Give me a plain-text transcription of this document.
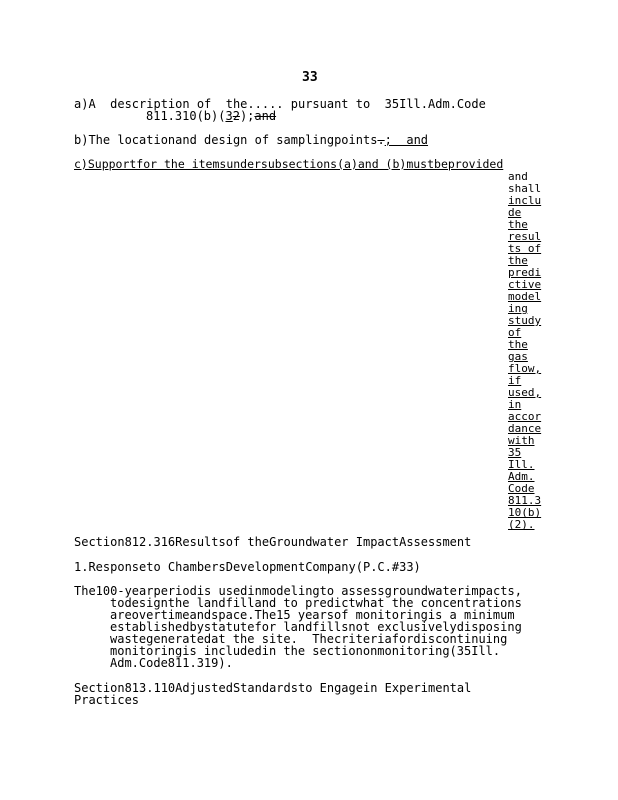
33
a)A  description of  the..... pursuant to  35Ill.Adm.Code
811.310(b)(32);and
b)The locationand design of samplingpoints.;  and
c)Supportfor the itemsundersubsections(a)and (b)mustbeprovided
and
shall
inclu
de
the
resul
ts of
the
predi
ctive
model
ing
study
of
the
gas
flow,
if
used,
in
accor
dance
with
35
Ill.
Adm.
Code
811.3
10(b)
(2).
Section812.316Resultsof theGroundwater ImpactAssessment
1.Responseto ChambersDevelopmentCompany(P.C.#33)
The100-yearperiodis usedinmodelingto assessgroundwaterimpacts,
todesignthe landfilland to predictwhat the concentrations
areovertimeandspace.The15 yearsof monitoringis a minimum
establishedbystatutefor landfillsnot exclusivelydisposing
wastegeneratedat the site.  Thecriteriafordiscontinuing
monitoringis includedin the sectiononmonitoring(35Ill.
Adm.Code811.319).
Section813.110AdjustedStandardsto Engagein Experimental
Practices
